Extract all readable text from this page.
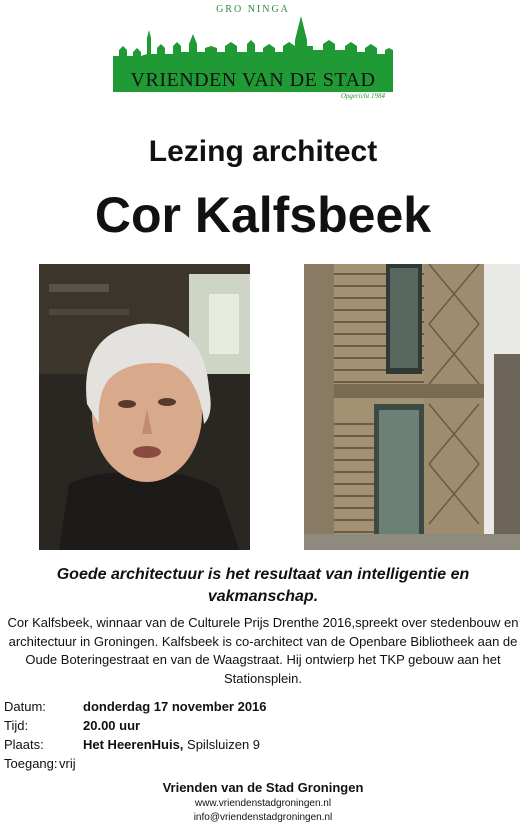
GRO NINGA
VRIENDEN VAN DE STAD
Opgericht 1984
Lezing architect
Cor Kalfsbeek
Goede architectuur is het resultaat van intelligentie en vakmanschap.
Cor Kalfsbeek, winnaar van de Culturele Prijs Drenthe 2016,spreekt over stedenbouw en architectuur in Groningen. Kalfsbeek is co-architect van de Openbare Bibliotheek aan de Oude Boteringestraat en van de Waagstraat. Hij ontwierp het TKP gebouw aan het Stationsplein.
Datum:	donderdag 17 november 2016
Tijd:	20.00 uur
Plaats:	Het HeerenHuis, Spilsluizen 9
Toegang: vrij
Vrienden van de Stad Groningen
www.vriendenstadgroningen.nl
info@vriendenstadgroningen.nl
